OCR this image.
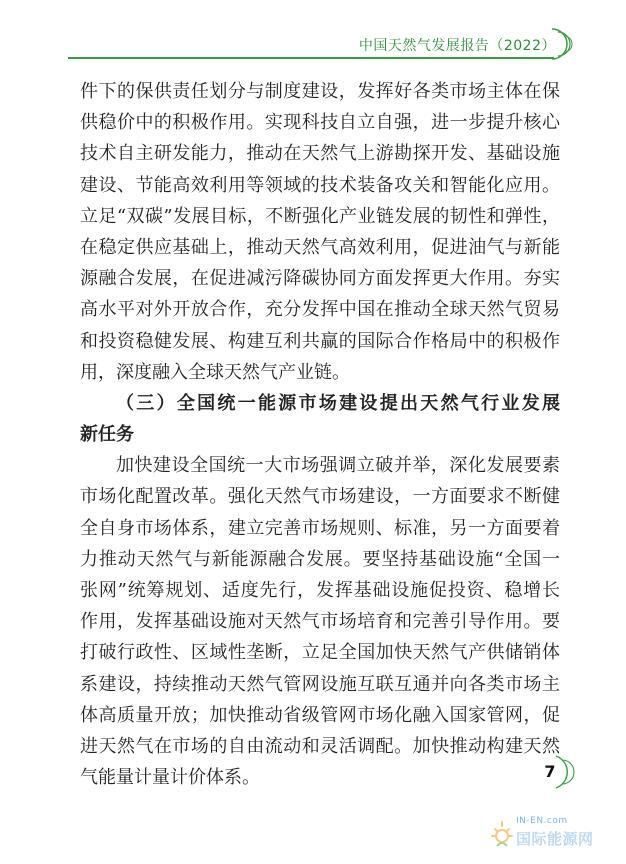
中国天然气发展报告（2022）
件下的保供责任划分与制度建设，发挥好各类市场主体在保
供稳价中的积极作用。实现科技自立自强，进一步提升核心
技术自主研发能力，推动在天然气上游勘探开发、基础设施
建设、节能高效利用等领域的技术装备攻关和智能化应用。
立足“双碳”发展目标，不断强化产业链发展的韧性和弹性，
在稳定供应基础上，推动天然气高效利用，促进油气与新能
源融合发展，在促进减污降碳协同方面发挥更大作用。夯实
高水平对外开放合作，充分发挥中国在推动全球天然气贸易
和投资稳健发展、构建互利共赢的国际合作格局中的积极作
用，深度融入全球天然气产业链。
（三）全国统一能源市场建设提出天然气行业发展
新任务
加快建设全国统一大市场强调立破并举，深化发展要素
市场化配置改革。强化天然气市场建设，一方面要求不断健
全自身市场体系，建立完善市场规则、标准，另一方面要着
力推动天然气与新能源融合发展。要坚持基础设施“全国一
张网”统筹规划、适度先行，发挥基础设施促投资、稳增长
作用，发挥基础设施对天然气市场培育和完善引导作用。要
打破行政性、区域性垄断，立足全国加快天然气产供储销体
系建设，持续推动天然气管网设施互联互通并向各类市场主
体高质量开放；加快推动省级管网市场化融入国家管网，促
进天然气在市场的自由流动和灵活调配。加快推动构建天然
气能量计量计价体系。	7
IN-EN.com
国际能源网
